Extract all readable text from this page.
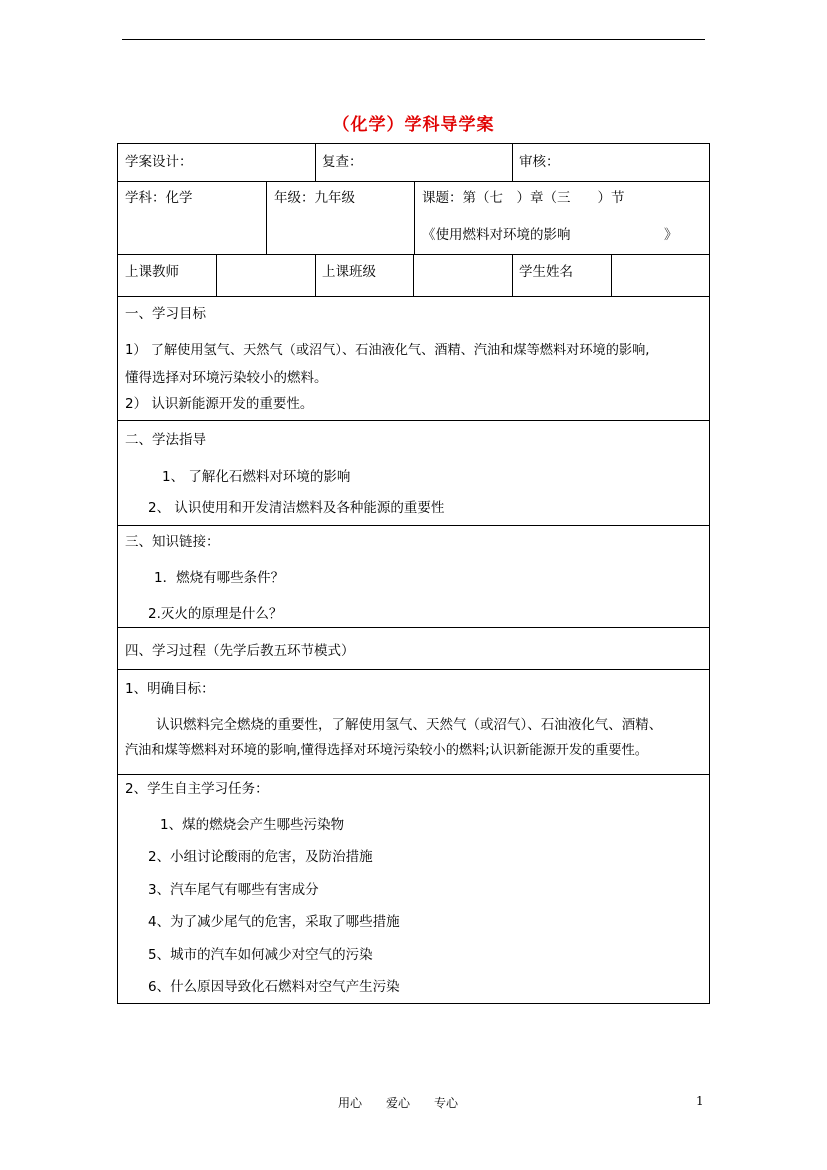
（化学）学科导学案
学案设计：	复查：	审核：
学科：化学	年级：九年级	课题：第（七　）章（三　　）节
《使用燃料对环境的影响	》
上课教师	上课班级	学生姓名
一、学习目标
1） 了解使用氢气、天然气（或沼气）、石油液化气、酒精、汽油和煤等燃料对环境的影响,
懂得选择对环境污染较小的燃料。
2） 认识新能源开发的重要性。
二、学法指导
1、 了解化石燃料对环境的影响
2、 认识使用和开发清洁燃料及各种能源的重要性
三、知识链接：
1．燃烧有哪些条件？
2.灭火的原理是什么？
四、学习过程（先学后教五环节模式）
1、明确目标：
认识燃料完全燃烧的重要性，了解使用氢气、天然气（或沼气）、石油液化气、酒精、
汽油和煤等燃料对环境的影响,懂得选择对环境污染较小的燃料;认识新能源开发的重要性。
2、学生自主学习任务：
1、煤的燃烧会产生哪些污染物
2、小组讨论酸雨的危害，及防治措施
3、汽车尾气有哪些有害成分
4、为了减少尾气的危害，采取了哪些措施
5、城市的汽车如何减少对空气的污染
6、什么原因导致化石燃料对空气产生污染
用心　　爱心　　专心	1
